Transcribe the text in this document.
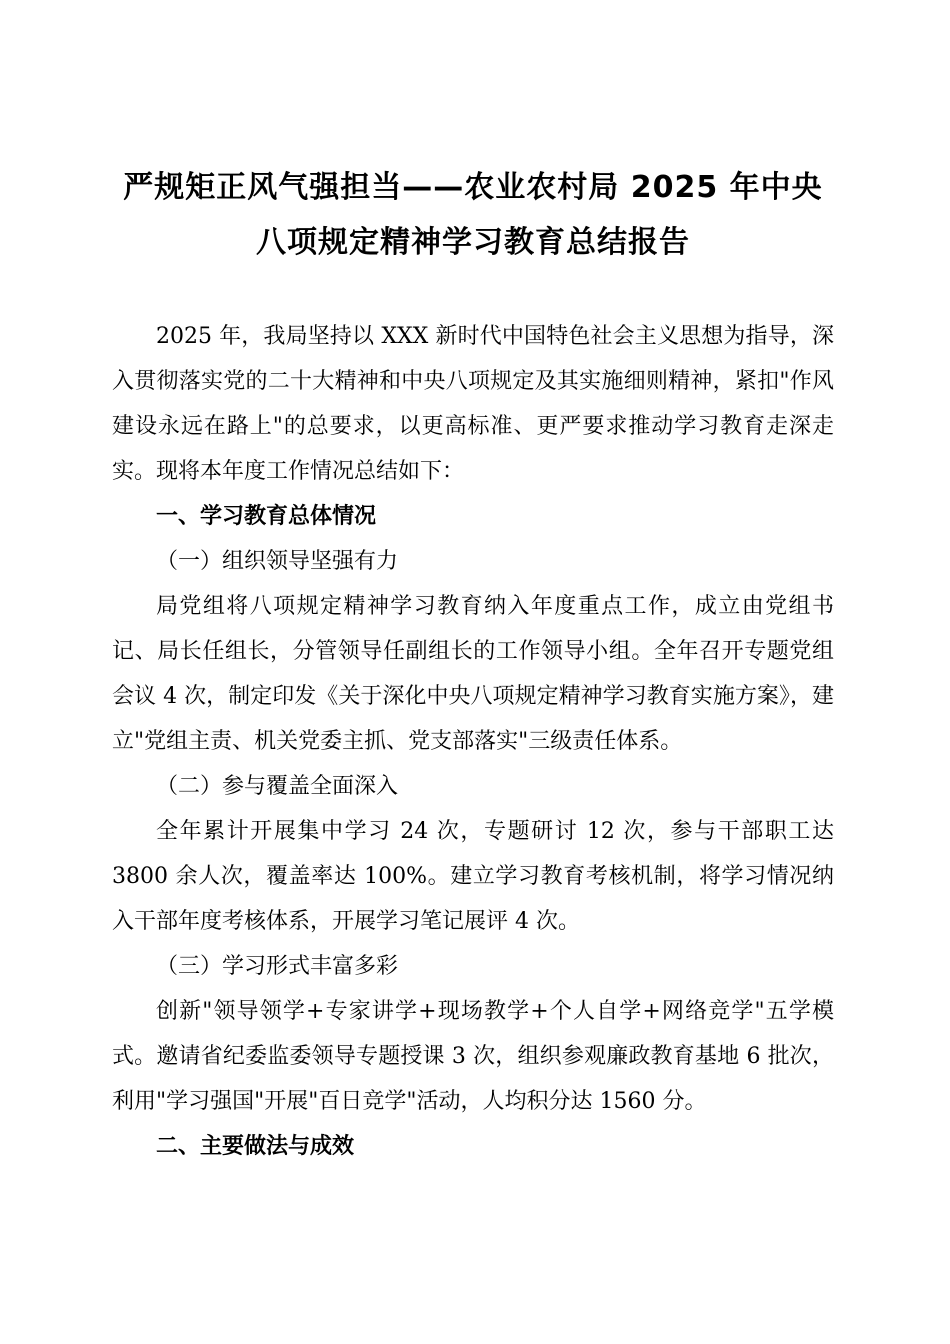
严规矩正风气强担当——农业农村局 2025 年中央八项规定精神学习教育总结报告

2025 年，我局坚持以 XXX 新时代中国特色社会主义思想为指导，深入贯彻落实党的二十大精神和中央八项规定及其实施细则精神，紧扣"作风建设永远在路上"的总要求，以更高标准、更严要求推动学习教育走深走实。现将本年度工作情况总结如下：

一、学习教育总体情况
（一）组织领导坚强有力

局党组将八项规定精神学习教育纳入年度重点工作，成立由党组书记、局长任组长，分管领导任副组长的工作领导小组。全年召开专题党组会议 4 次，制定印发《关于深化中央八项规定精神学习教育实施方案》，建立"党组主责、机关党委主抓、党支部落实"三级责任体系。

（二）参与覆盖全面深入

全年累计开展集中学习 24 次，专题研讨 12 次，参与干部职工达 3800 余人次，覆盖率达 100%。建立学习教育考核机制，将学习情况纳入干部年度考核体系，开展学习笔记展评 4 次。

（三）学习形式丰富多彩

创新"领导领学+专家讲学+现场教学+个人自学+网络竞学"五学模式。邀请省纪委监委领导专题授课 3 次，组织参观廉政教育基地 6 批次，利用"学习强国"开展"百日竞学"活动，人均积分达 1560 分。

二、主要做法与成效
